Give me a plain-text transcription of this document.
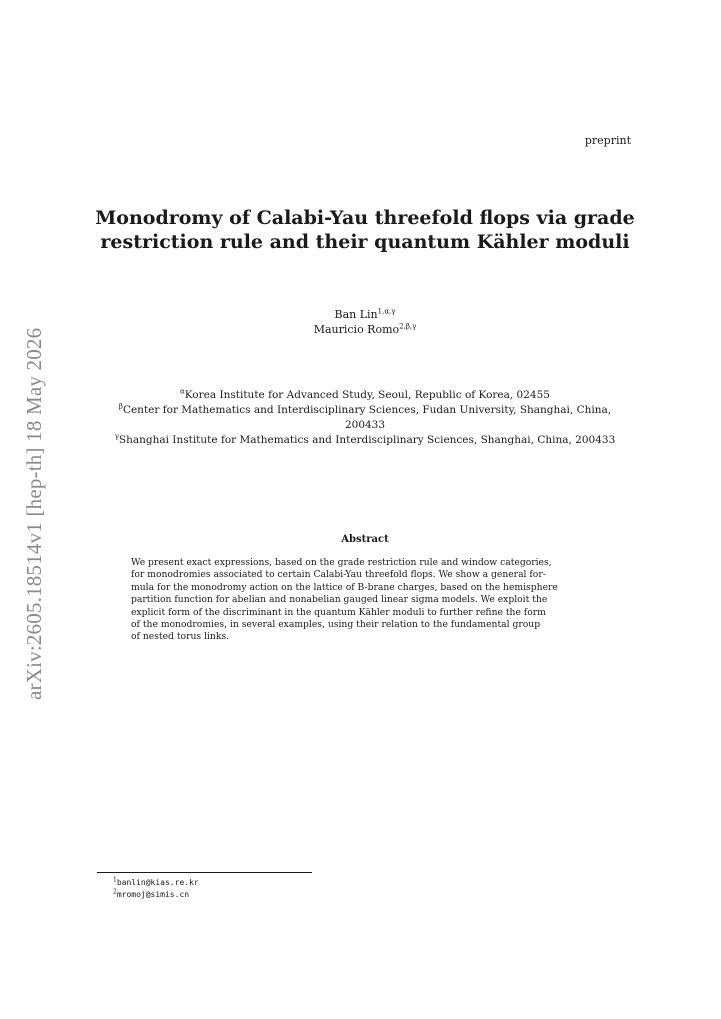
preprint
arXiv:2605.18514v1 [hep-th] 18 May 2026
Monodromy of Calabi-Yau threefold flops via grade
restriction rule and their quantum Kähler moduli
Ban Lin$^{1,\alpha,\gamma}$
Mauricio Romo$^{2,\beta,\gamma}$
$^\alpha$Korea Institute for Advanced Study, Seoul, Republic of Korea, 02455
$^\beta$Center for Mathematics and Interdisciplinary Sciences, Fudan University, Shanghai, China,
200433
$^\gamma$Shanghai Institute for Mathematics and Interdisciplinary Sciences, Shanghai, China, 200433
Abstract
We present exact expressions, based on the grade restriction rule and window categories,
for monodromies associated to certain Calabi-Yau threefold flops. We show a general for-
mula for the monodromy action on the lattice of B-brane charges, based on the hemisphere
partition function for abelian and nonabelian gauged linear sigma models. We exploit the
explicit form of the discriminant in the quantum Kähler moduli to further refine the form
of the monodromies, in several examples, using their relation to the fundamental group
of nested torus links.
$^1$banlin@kias.re.kr
$^2$mromoj@simis.cn
